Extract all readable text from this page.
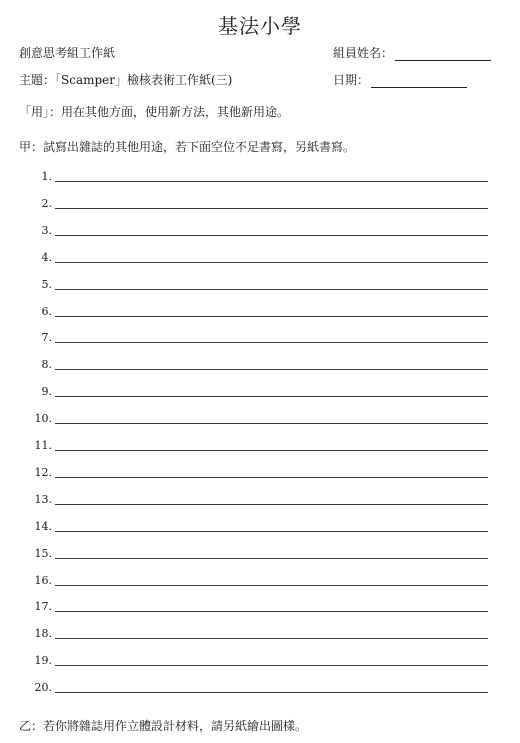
基法小學
創意思考組工作紙	組員姓名：
主題：「Scamper」檢核表術工作紙(三)	日期：
「用」：用在其他方面，使用新方法，其他新用途。
甲：試寫出雜誌的其他用途，若下面空位不足書寫，另紙書寫。
1.
2.
3.
4.
5.
6.
7.
8.
9.
10.
11.
12.
13.
14.
15.
16.
17.
18.
19.
20.
乙：若你將雜誌用作立體設計材料，請另紙繪出圖樣。
